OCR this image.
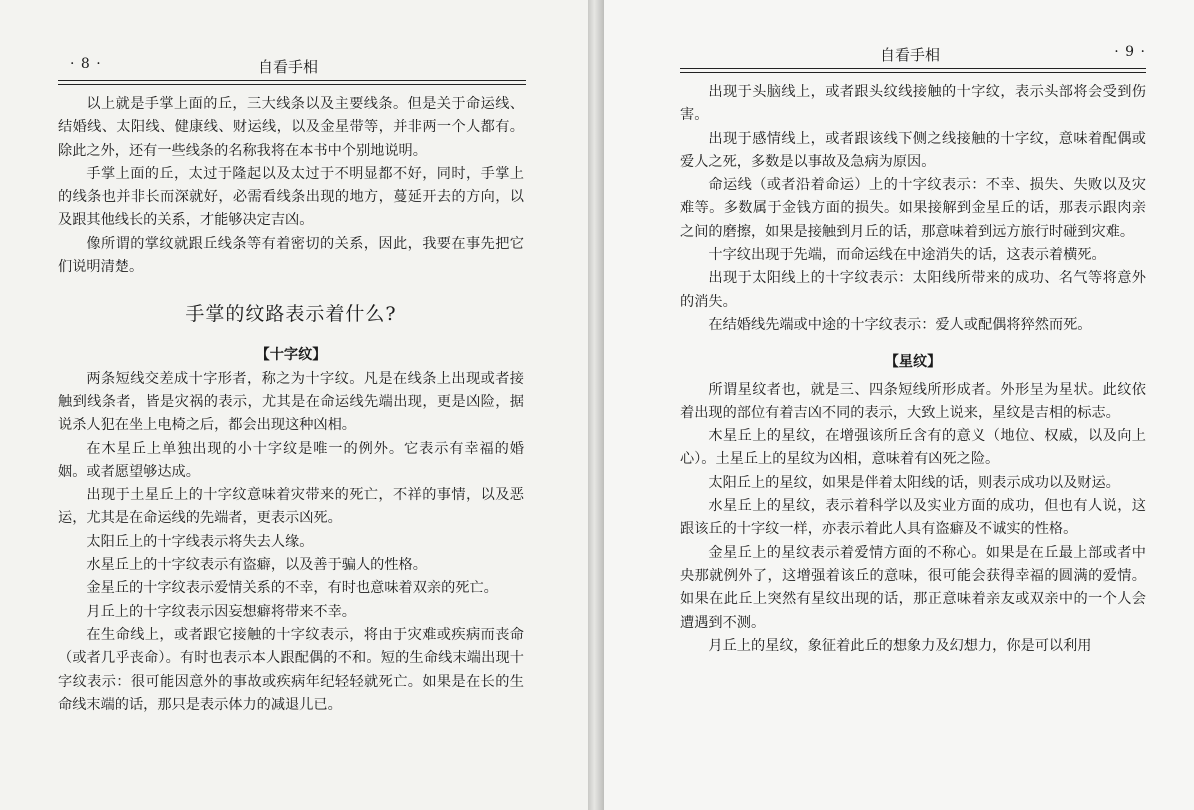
· 8 ·	自看手相

以上就是手掌上面的丘，三大线条以及主要线条。但是关于命运线、结婚线、太阳线、健康线、财运线，以及金星带等，并非两一个人都有。除此之外，还有一些线条的名称我将在本书中个别地说明。

手掌上面的丘，太过于隆起以及太过于不明显都不好，同时，手掌上的线条也并非长而深就好，必需看线条出现的地方，蔓延开去的方向，以及跟其他线长的关系，才能够决定吉凶。

像所谓的掌纹就跟丘线条等有着密切的关系，因此，我要在事先把它们说明清楚。

手掌的纹路表示着什么?
【十字纹】

两条短线交差成十字形者，称之为十字纹。凡是在线条上出现或者接触到线条者，皆是灾祸的表示，尤其是在命运线先端出现，更是凶险，据说杀人犯在坐上电椅之后，都会出现这种凶相。

在木星丘上单独出现的小十字纹是唯一的例外。它表示有幸福的婚姻。或者愿望够达成。

出现于土星丘上的十字纹意味着灾带来的死亡，不祥的事情，以及恶运，尤其是在命运线的先端者，更表示凶死。

太阳丘上的十字线表示将失去人缘。

水星丘上的十字纹表示有盗癖，以及善于骗人的性格。

金星丘的十字纹表示爱情关系的不幸，有时也意味着双亲的死亡。

月丘上的十字纹表示因妄想癖将带来不幸。

在生命线上，或者跟它接触的十字纹表示，将由于灾难或疾病而丧命（或者几乎丧命）。有时也表示本人跟配偶的不和。短的生命线末端出现十字纹表示：很可能因意外的事故或疾病年纪轻轻就死亡。如果是在长的生命线末端的话，那只是表示体力的减退儿已。

自看手相	· 9 ·

出现于头脑线上，或者跟头纹线接触的十字纹，表示头部将会受到伤害。

出现于感情线上，或者跟该线下侧之线接触的十字纹，意味着配偶或爱人之死，多数是以事故及急病为原因。

命运线（或者沿着命运）上的十字纹表示：不幸、损失、失败以及灾难等。多数属于金钱方面的损失。如果接解到金星丘的话，那表示跟肉亲之间的磨擦，如果是接触到月丘的话，那意味着到远方旅行时碰到灾难。

十字纹出现于先端，而命运线在中途消失的话，这表示着横死。

出现于太阳线上的十字纹表示：太阳线所带来的成功、名气等将意外的消失。

在结婚线先端或中途的十字纹表示：爱人或配偶将猝然而死。

【星纹】

所谓星纹者也，就是三、四条短线所形成者。外形呈为星状。此纹依着出现的部位有着吉凶不同的表示，大致上说来，星纹是吉相的标志。

木星丘上的星纹，在增强该所丘含有的意义（地位、权威，以及向上心）。土星丘上的星纹为凶相，意味着有凶死之险。

太阳丘上的星纹，如果是伴着太阳线的话，则表示成功以及财运。

水星丘上的星纹，表示着科学以及实业方面的成功，但也有人说，这跟该丘的十字纹一样，亦表示着此人具有盗癖及不诚实的性格。

金星丘上的星纹表示着爱情方面的不称心。如果是在丘最上部或者中央那就例外了，这增强着该丘的意味，很可能会获得幸福的圆满的爱情。如果在此丘上突然有星纹出现的话，那正意味着亲友或双亲中的一个人会遭遇到不测。

月丘上的星纹，象征着此丘的想象力及幻想力，你是可以利用
